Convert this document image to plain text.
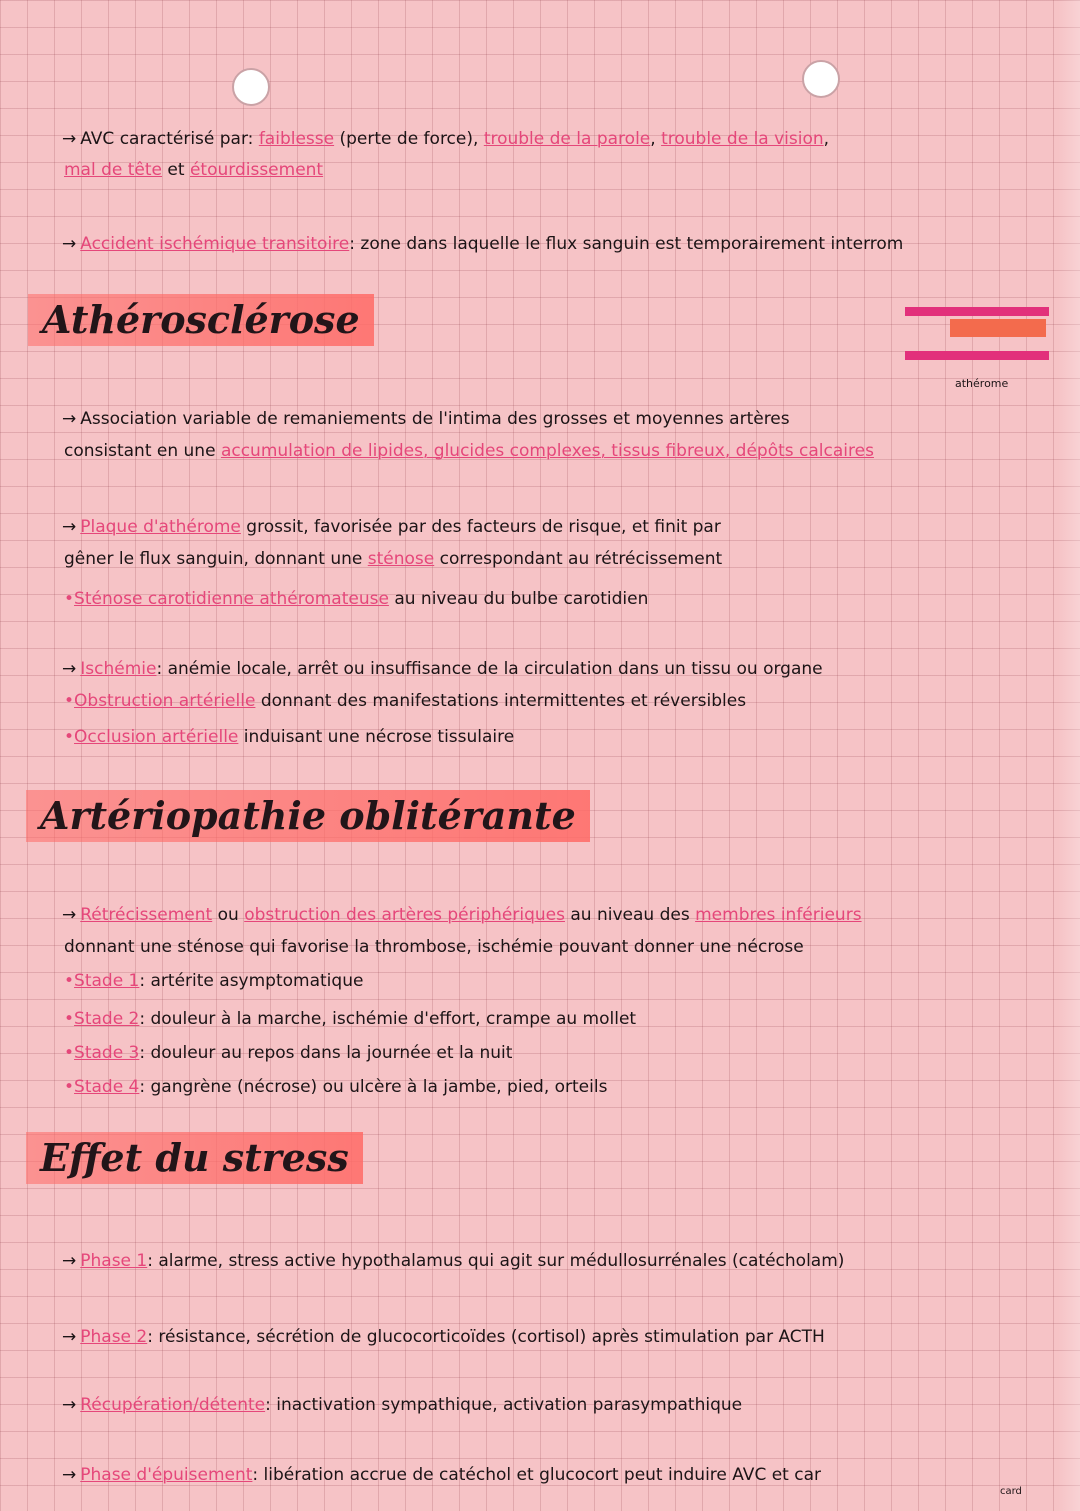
→ AVC caractérisé par: faiblesse (perte de force), trouble de la parole, trouble de la vision,
mal de tête et étourdissement
→ Accident ischémique transitoire: zone dans laquelle le flux sanguin est temporairement interrom
Athérosclérose
athérome
→ Association variable de remaniements de l'intima des grosses et moyennes artères
consistant en une accumulation de lipides, glucides complexes, tissus fibreux, dépôts calcaires
→ Plaque d'athérome grossit, favorisée par des facteurs de risque, et finit par
gêner le flux sanguin, donnant une sténose correspondant au rétrécissement
•Sténose carotidienne athéromateuse au niveau du bulbe carotidien
→ Ischémie: anémie locale, arrêt ou insuffisance de la circulation dans un tissu ou organe
•Obstruction artérielle donnant des manifestations intermittentes et réversibles
•Occlusion artérielle induisant une nécrose tissulaire
Artériopathie oblitérante
→ Rétrécissement ou obstruction des artères périphériques au niveau des membres inférieurs
donnant une sténose qui favorise la thrombose, ischémie pouvant donner une nécrose
•Stade 1: artérite asymptomatique
•Stade 2: douleur à la marche, ischémie d'effort, crampe au mollet
•Stade 3: douleur au repos dans la journée et la nuit
•Stade 4: gangrène (nécrose) ou ulcère à la jambe, pied, orteils
Effet du stress
→ Phase 1: alarme, stress active hypothalamus qui agit sur médullosurrénales (catécholam)
→ Phase 2: résistance, sécrétion de glucocorticoïdes (cortisol) après stimulation par ACTH
→ Récupération/détente: inactivation sympathique, activation parasympathique
→ Phase d'épuisement: libération accrue de catéchol et glucocort peut induire AVC et car
card
